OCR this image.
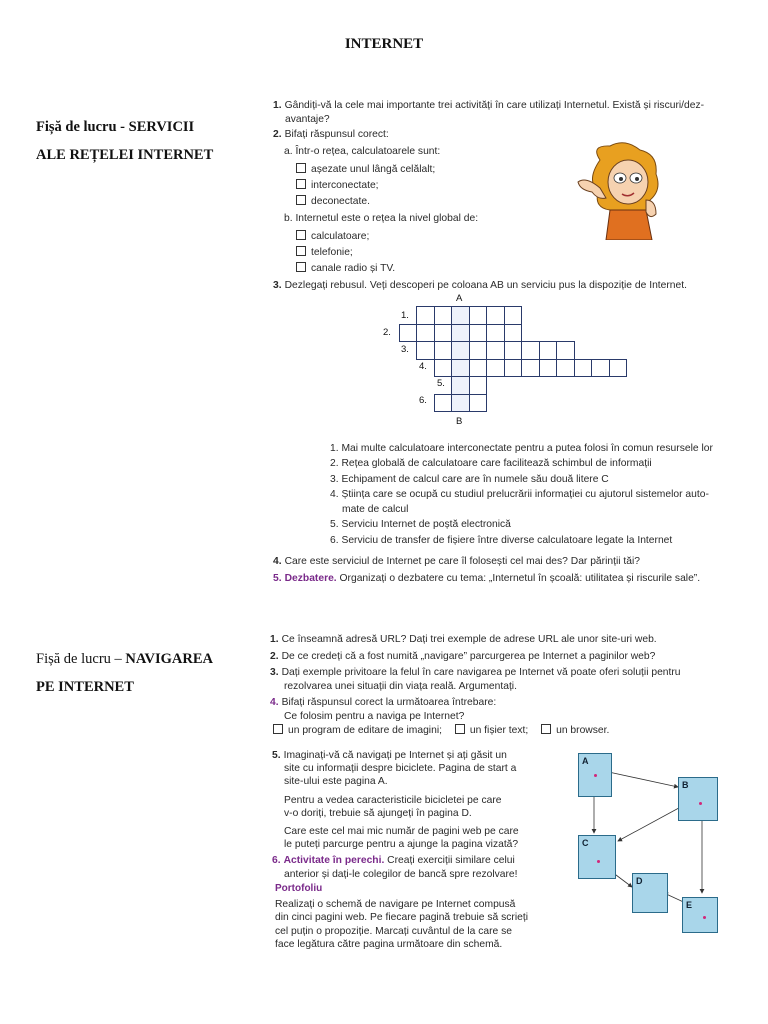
INTERNET
Fișă de lucru - SERVICII
ALE REȚELEI INTERNET
1. Gândiți-vă la cele mai importante trei activități în care utilizați Internetul. Există și riscuri/dez-
avantaje?
2. Bifați răspunsul corect:
a. Într-o rețea, calculatoarele sunt:
așezate unul lângă celălalt;
interconectate;
deconectate.
b. Internetul este o rețea la nivel global de:
calculatoare;
telefonie;
canale radio și TV.
3. Dezlegați rebusul. Veți descoperi pe coloana AB un serviciu pus la dispoziție de Internet.
A
B
1.
2.
3.
4.
5.
6.
1. Mai multe calculatoare interconectate pentru a putea folosi în comun resursele lor
2. Rețea globală de calculatoare care facilitează schimbul de informații
3. Echipament de calcul care are în numele său două litere C
4. Știința care se ocupă cu studiul prelucrării informației cu ajutorul sistemelor auto-
mate de calcul
5. Serviciu Internet de poștă electronică
6. Serviciu de transfer de fișiere între diverse calculatoare legate la Internet
4. Care este serviciul de Internet pe care îl folosești cel mai des? Dar părinții tăi?
5. Dezbatere. Organizați o dezbatere cu tema: „Internetul în școală: utilitatea și riscurile sale”.
Fișă de lucru – NAVIGAREA
PE INTERNET
1. Ce înseamnă adresă URL? Dați trei exemple de adrese URL ale unor site-uri web.
2. De ce credeți că a fost numită „navigare” parcurgerea pe Internet a paginilor web?
3. Dați exemple privitoare la felul în care navigarea pe Internet vă poate oferi soluții pentru
rezolvarea unei situații din viața reală. Argumentați.
4. Bifați răspunsul corect la următoarea întrebare:
Ce folosim pentru a naviga pe Internet?
un program de editare de imagini;	un fișier text;	un browser.
5. Imaginați-vă că navigați pe Internet și ați găsit un
site cu informații despre biciclete. Pagina de start a
site-ului este pagina A.
Pentru a vedea caracteristicile bicicletei pe care
v-o doriți, trebuie să ajungeți în pagina D.
Care este cel mai mic număr de pagini web pe care
le puteți parcurge pentru a ajunge la pagina vizată?
6. Activitate în perechi. Creați exerciții similare celui
anterior și dați-le colegilor de bancă spre rezolvare!
Portofoliu
Realizați o schemă de navigare pe Internet compusă
din cinci pagini web. Pe fiecare pagină trebuie să scrieți
cel puțin o propoziție. Marcați cuvântul de la care se
face legătura către pagina următoare din schemă.
A
B
C
D
E
